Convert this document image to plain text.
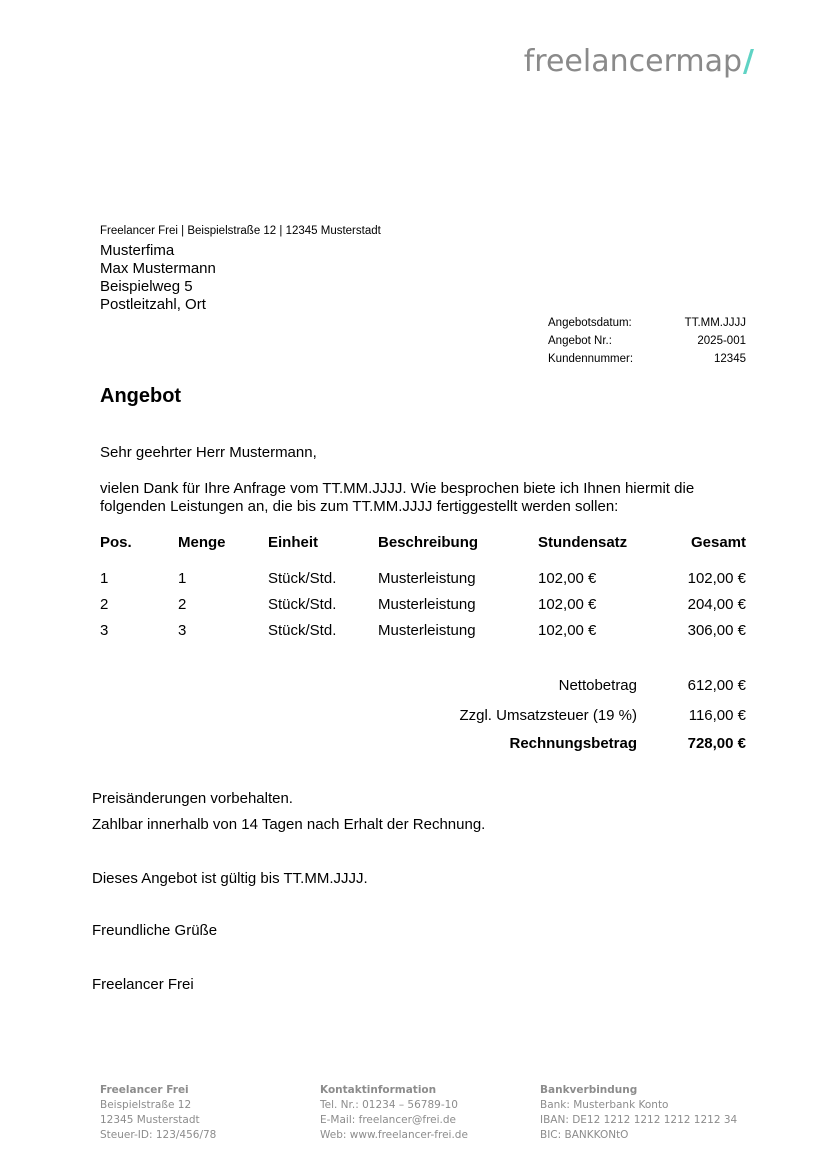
freelancermap/
Freelancer Frei | Beispielstraße 12 | 12345 Musterstadt
Musterfima
Max Mustermann
Beispielweg 5
Postleitzahl, Ort
Angebotsdatum:	TT.MM.JJJJ
Angebot Nr.:	2025-001
Kundennummer:	12345
Angebot
Sehr geehrter Herr Mustermann,
vielen Dank für Ihre Anfrage vom TT.MM.JJJJ. Wie besprochen biete ich Ihnen hiermit die
folgenden Leistungen an, die bis zum TT.MM.JJJJ fertiggestellt werden sollen:
Pos.	Menge	Einheit	Beschreibung	Stundensatz	Gesamt
1	1	Stück/Std.	Musterleistung	102,00 €	102,00 €
2	2	Stück/Std.	Musterleistung	102,00 €	204,00 €
3	3	Stück/Std.	Musterleistung	102,00 €	306,00 €
Nettobetrag	612,00 €
Zzgl. Umsatzsteuer (19 %)	116,00 €
Rechnungsbetrag	728,00 €
Preisänderungen vorbehalten.
Zahlbar innerhalb von 14 Tagen nach Erhalt der Rechnung.
Dieses Angebot ist gültig bis TT.MM.JJJJ.
Freundliche Grüße
Freelancer Frei
Freelancer Frei
Beispielstraße 12
12345 Musterstadt
Steuer-ID: 123/456/78
Kontaktinformation
Tel. Nr.: 01234 – 56789-10
E-Mail: freelancer@frei.de
Web: www.freelancer-frei.de
Bankverbindung
Bank: Musterbank Konto
IBAN: DE12 1212 1212 1212 1212 34
BIC: BANKKONtO
